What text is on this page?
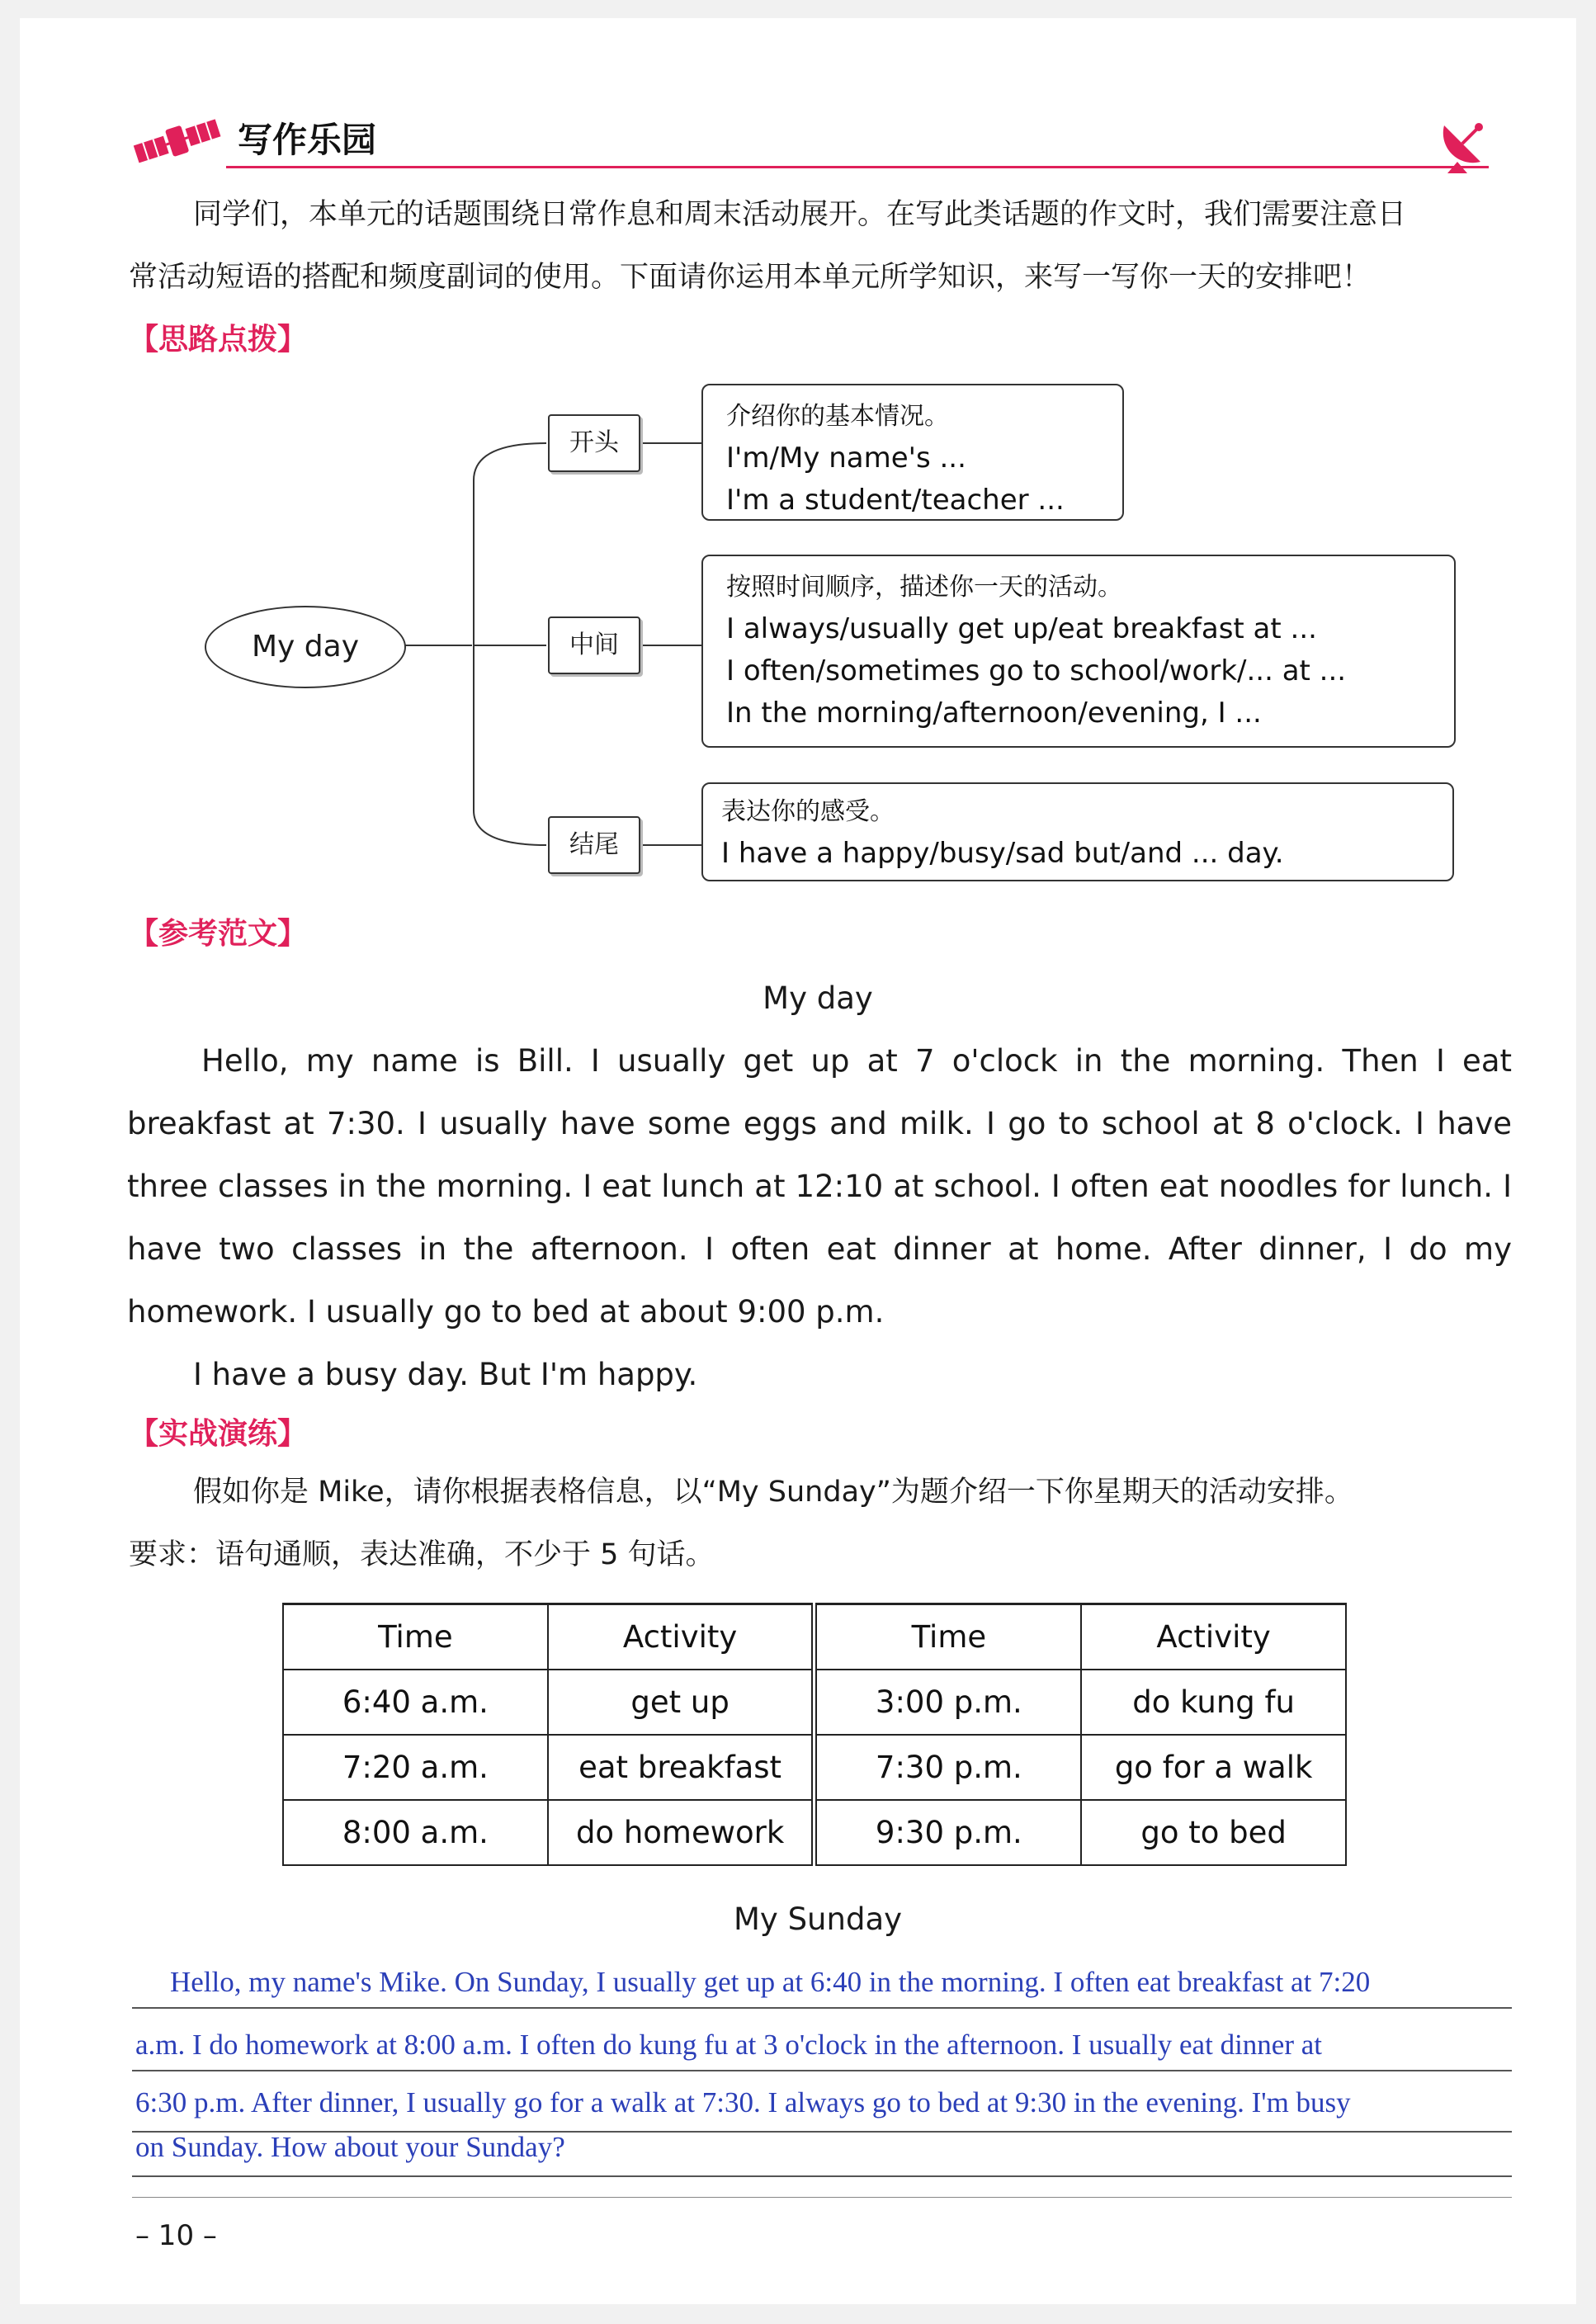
写作乐园
同学们，本单元的话题围绕日常作息和周末活动展开。在写此类话题的作文时，我们需要注意日
常活动短语的搭配和频度副词的使用。下面请你运用本单元所学知识，来写一写你一天的安排吧！
【思路点拨】
My day
开头
中间
结尾
介绍你的基本情况。
I'm/My name's ...
I'm a student/teacher ...
按照时间顺序，描述你一天的活动。
I always/usually get up/eat breakfast at ...
I often/sometimes go to school/work/... at ...
In the morning/afternoon/evening, I ...
表达你的感受。
I have a happy/busy/sad but/and ... day.
【参考范文】
My day
Hello, my name is Bill. I usually get up at 7 o'clock in the morning. Then I eat
breakfast at 7:30. I usually have some eggs and milk. I go to school at 8 o'clock. I have
three classes in the morning. I eat lunch at 12:10 at school. I often eat noodles for lunch. I
have two classes in the afternoon. I often eat dinner at home. After dinner, I do my
homework. I usually go to bed at about 9:00 p.m.
I have a busy day. But I'm happy.
【实战演练】
假如你是 Mike，请你根据表格信息，以“My Sunday”为题介绍一下你星期天的活动安排。
要求：语句通顺，表达准确，不少于 5 句话。
Time	Activity	Time	Activity
6:40 a.m.	get up	3:00 p.m.	do kung fu
7:20 a.m.	eat breakfast	7:30 p.m.	go for a walk
8:00 a.m.	do homework	9:30 p.m.	go to bed
My Sunday
Hello, my name's Mike. On Sunday, I usually get up at 6:40 in the morning. I often eat breakfast at 7:20
a.m. I do homework at 8:00 a.m. I often do kung fu at 3 o'clock in the afternoon. I usually eat dinner at
6:30 p.m. After dinner, I usually go for a walk at 7:30. I always go to bed at 9:30 in the evening. I'm busy
on Sunday. How about your Sunday?
– 10 –
